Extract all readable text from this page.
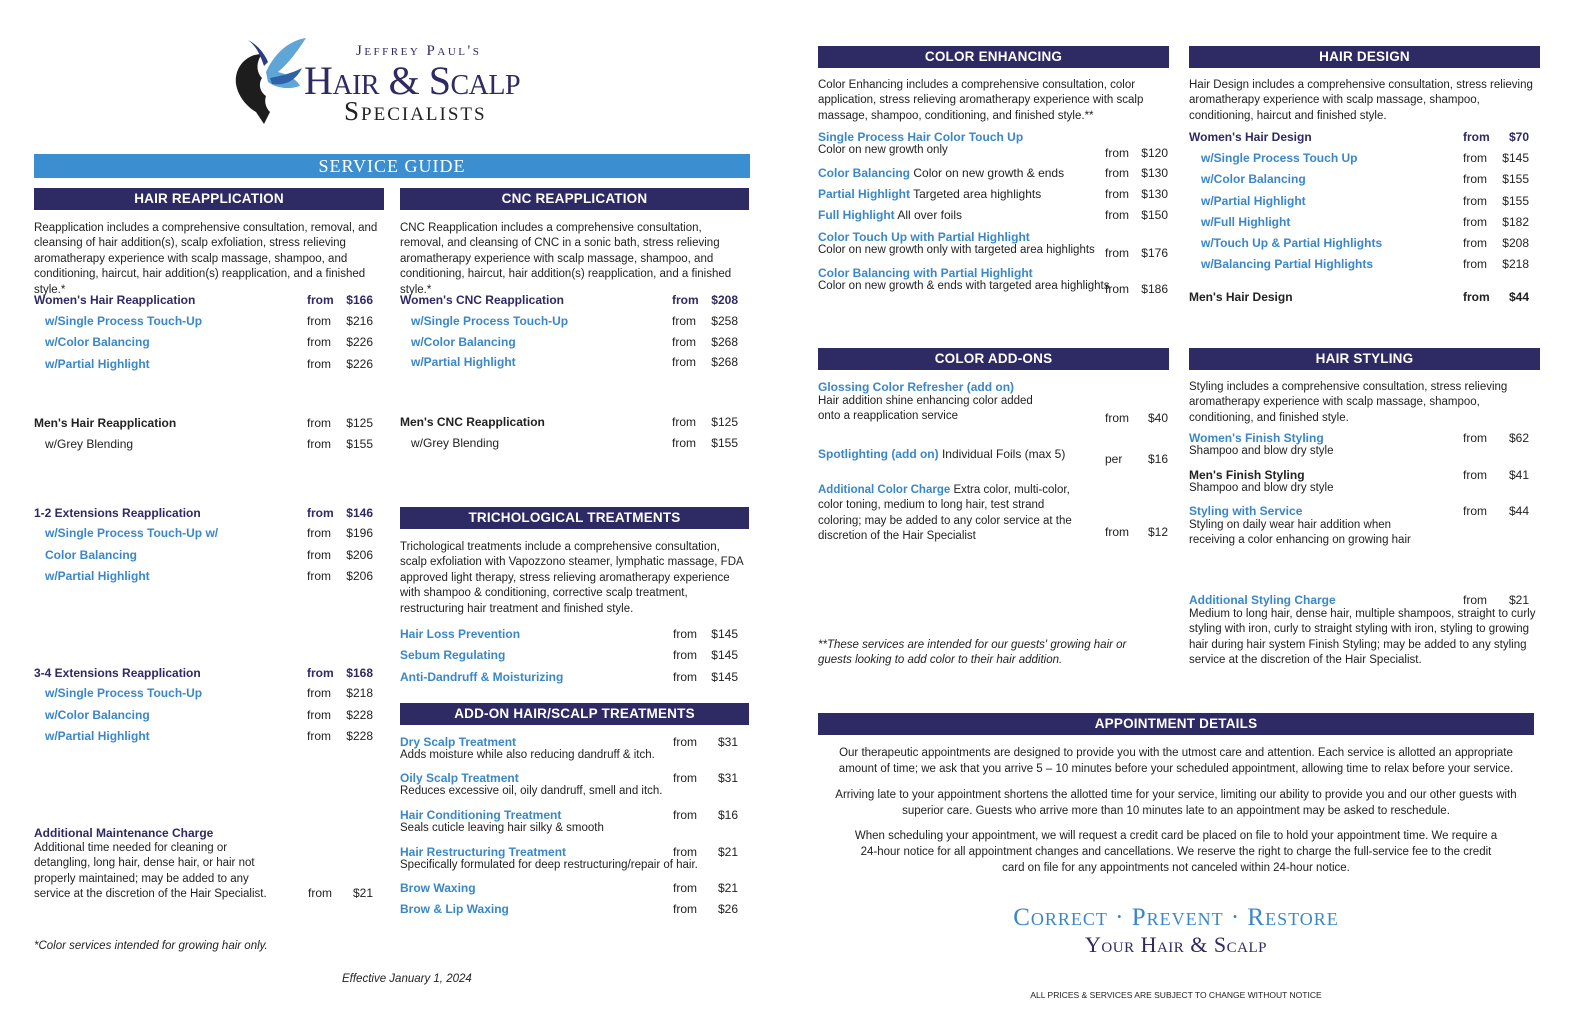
Jeffrey Paul's
Hair & Scalp
Specialists
SERVICE GUIDE
HAIR REAPPLICATION
Reapplication includes a comprehensive consultation, removal, and cleansing of hair addition(s), scalp exfoliation, stress relieving aromatherapy experience with scalp massage, shampoo, and conditioning, haircut, hair addition(s) reapplication, and a finished style.*
Women's Hair Reapplication	from	$166
w/Single Process Touch-Up	from	$216
w/Color Balancing	from	$226
w/Partial Highlight	from	$226
Men's Hair Reapplication	from	$125
w/Grey Blending	from	$155
1-2 Extensions Reapplication	from	$146
w/Single Process Touch-Up w/	from	$196
Color Balancing	from	$206
w/Partial Highlight	from	$206
3-4 Extensions Reapplication	from	$168
w/Single Process Touch-Up	from	$218
w/Color Balancing	from	$228
w/Partial Highlight	from	$228
Additional Maintenance Charge
Additional time needed for cleaning or detangling, long hair, dense hair, or hair not properly maintained; may be added to any service at the discretion of the Hair Specialist.	from	$21
*Color services intended for growing hair only.
Effective January 1, 2024
CNC REAPPLICATION
CNC Reapplication includes a comprehensive consultation, removal, and cleansing of CNC in a sonic bath, stress relieving aromatherapy experience with scalp massage, shampoo, and conditioning, haircut, hair addition(s) reapplication, and a finished style.*
Women's CNC Reapplication	from	$208
w/Single Process Touch-Up	from	$258
w/Color Balancing	from	$268
w/Partial Highlight	from	$268
Men's CNC Reapplication	from	$125
w/Grey Blending	from	$155
TRICHOLOGICAL TREATMENTS
Trichological treatments include a comprehensive consultation, scalp exfoliation with Vapozzono steamer, lymphatic massage, FDA approved light therapy, stress relieving aromatherapy experience with shampoo & conditioning, corrective scalp treatment, restructuring hair treatment and finished style.
Hair Loss Prevention	from	$145
Sebum Regulating	from	$145
Anti-Dandruff & Moisturizing	from	$145
ADD-ON HAIR/SCALP TREATMENTS
Dry Scalp Treatment	from	$31
Adds moisture while also reducing dandruff & itch.
Oily Scalp Treatment	from	$31
Reduces excessive oil, oily dandruff, smell and itch.
Hair Conditioning Treatment	from	$16
Seals cuticle leaving hair silky & smooth
Hair Restructuring Treatment	from	$21
Specifically formulated for deep restructuring/repair of hair.
Brow Waxing	from	$21
Brow & Lip Waxing	from	$26
COLOR ENHANCING
Color Enhancing includes a comprehensive consultation, color application, stress relieving aromatherapy experience with scalp massage, shampoo, conditioning, and finished style.**
Single Process Hair Color Touch Up
from	$120
Color on new growth only
Color Balancing Color on new growth & ends	from	$130
Partial Highlight Targeted area highlights	from	$130
Full Highlight All over foils	from	$150
Color Touch Up with Partial Highlight
from	$176
Color on new growth only with targeted area highlights
Color Balancing with Partial Highlight
from	$186
Color on new growth & ends with targeted area highlights
COLOR ADD-ONS
Glossing Color Refresher (add on)
from	$40
Hair addition shine enhancing color added onto a reapplication service
Spotlighting (add on) Individual Foils (max 5)	per	$16
Additional Color Charge Extra color, multi-color, color toning, medium to long hair, test strand coloring; may be added to any color service at the discretion of the Hair Specialist	from	$12
**These services are intended for our guests' growing hair or guests looking to add color to their hair addition.
HAIR DESIGN
Hair Design includes a comprehensive consultation, stress relieving aromatherapy experience with scalp massage, shampoo, conditioning, haircut and finished style.
Women's Hair Design	from	$70
w/Single Process Touch Up	from	$145
w/Color Balancing	from	$155
w/Partial Highlight	from	$155
w/Full Highlight	from	$182
w/Touch Up & Partial Highlights	from	$208
w/Balancing Partial Highlights	from	$218
Men's Hair Design	from	$44
HAIR STYLING
Styling includes a comprehensive consultation, stress relieving aromatherapy experience with scalp massage, shampoo, conditioning, and finished style.
Women's Finish Styling	from	$62
Shampoo and blow dry style
Men's Finish Styling	from	$41
Shampoo and blow dry style
Styling with Service	from	$44
Styling on daily wear hair addition when receiving a color enhancing on growing hair
Additional Styling Charge	from	$21
Medium to long hair, dense hair, multiple shampoos, straight to curly styling with iron, curly to straight styling with iron, styling to growing hair during hair system Finish Styling; may be added to any styling service at the discretion of the Hair Specialist.
APPOINTMENT DETAILS
Our therapeutic appointments are designed to provide you with the utmost care and attention. Each service is allotted an appropriate amount of time; we ask that you arrive 5 – 10 minutes before your scheduled appointment, allowing time to relax before your service.
Arriving late to your appointment shortens the allotted time for your service, limiting our ability to provide you and our other guests with superior care. Guests who arrive more than 10 minutes late to an appointment may be asked to reschedule.
When scheduling your appointment, we will request a credit card be placed on file to hold your appointment time. We require a 24-hour notice for all appointment changes and cancellations. We reserve the right to charge the full-service fee to the credit card on file for any appointments not canceled within 24-hour notice.
Correct · Prevent · Restore
Your Hair & Scalp
ALL PRICES & SERVICES ARE SUBJECT TO CHANGE WITHOUT NOTICE
